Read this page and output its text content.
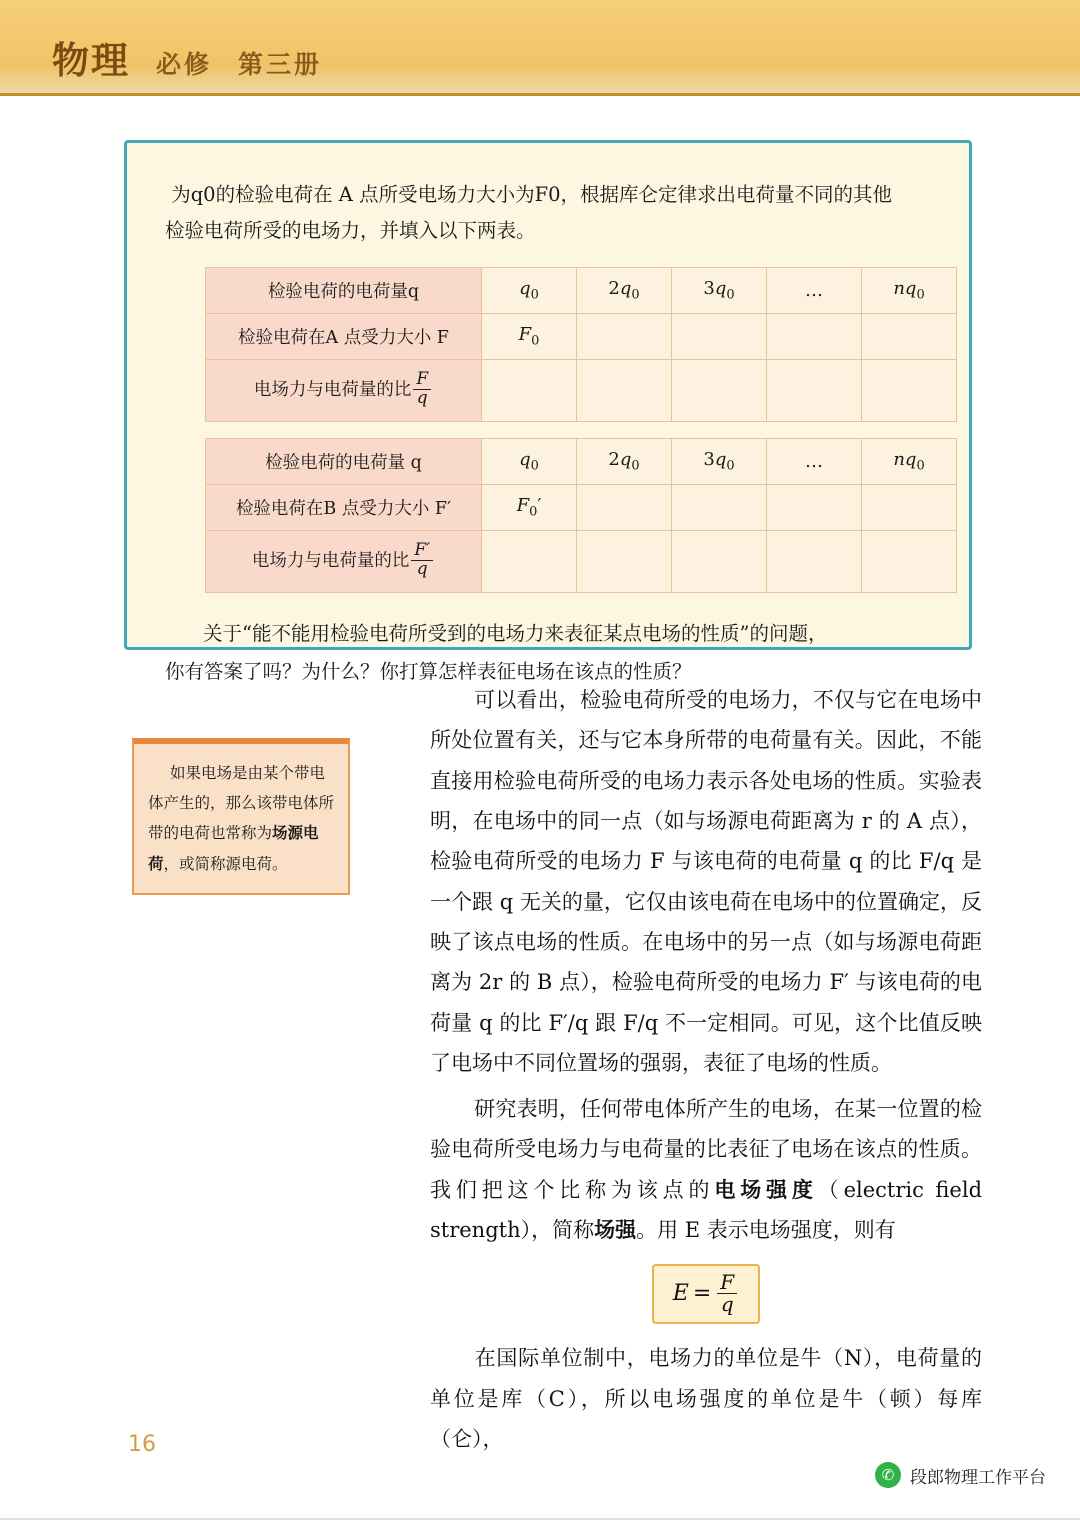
物理 必修 第三册
为q0的检验电荷在 A 点所受电场力大小为F0，根据库仑定律求出电荷量不同的其他
检验电荷所受的电场力，并填入以下两表。
检验电荷的电荷量q	$q_0$	$2q_0$	$3q_0$	…	$nq_0$
检验电荷在A 点受力大小 F	$F_0$				
电场力与电荷量的比 $\frac{F}{q}$

检验电荷的电荷量 q	$q_0$	$2q_0$	$3q_0$	…	$nq_0$
检验电荷在B 点受力大小 F′	$F_0'$				
电场力与电荷量的比 $\frac{F'}{q}$

关于“能不能用检验电荷所受到的电场力来表征某点电场的性质”的问题，
你有答案了吗？为什么？你打算怎样表征电场在该点的性质？
如果电场是由某个带电体产生的，那么该带电体所带的电荷也常称为场源电荷，或简称源电荷。

可以看出，检验电荷所受的电场力，不仅与它在电场中所处位置有关，还与它本身所带的电荷量有关。因此，不能直接用检验电荷所受的电场力表示各处电场的性质。实验表明，在电场中的同一点（如与场源电荷距离为 r 的 A 点），检验电荷所受的电场力 F 与该电荷的电荷量 q 的比 F/q 是一个跟 q 无关的量，它仅由该电荷在电场中的位置确定，反映了该点电场的性质。在电场中的另一点（如与场源电荷距离为 2r 的 B 点），检验电荷所受的电场力 F′ 与该电荷的电荷量 q 的比 F′/q 跟 F/q 不一定相同。可见，这个比值反映了电场中不同位置场的强弱，表征了电场的性质。

研究表明，任何带电体所产生的电场，在某一位置的检验电荷所受电场力与电荷量的比表征了电场在该点的性质。我们把这个比称为该点的电场强度（electric field strength），简称场强。用 E 表示电场强度，则有

$E = \frac{F}{q}$

在国际单位制中，电场力的单位是牛（N），电荷量的单位是库（C），所以电场强度的单位是牛（顿）每库（仑），

16
✆ 段郎物理工作平台
